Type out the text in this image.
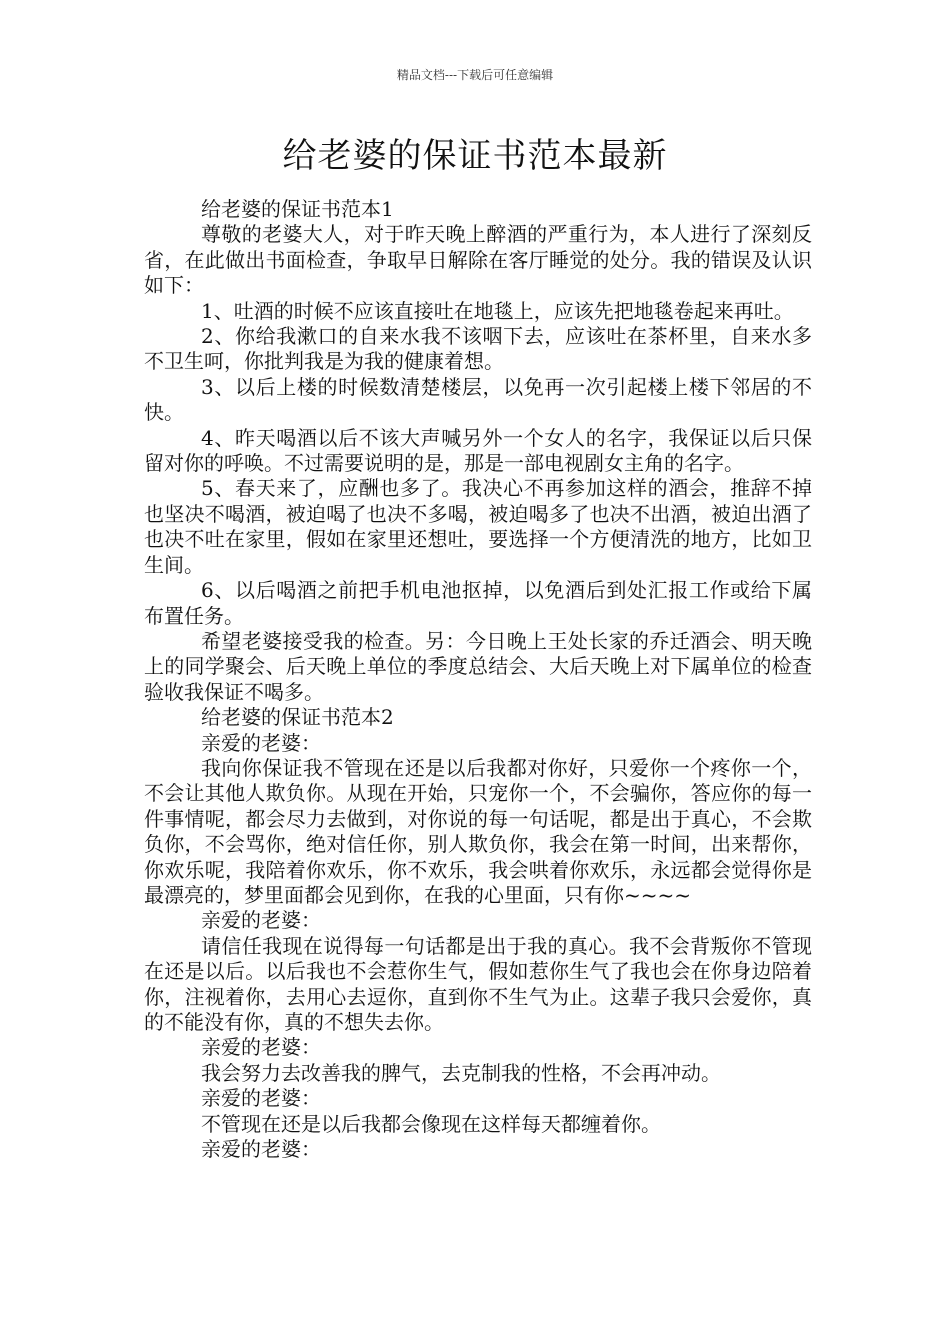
精品文档---下载后可任意编辑
给老婆的保证书范本最新

给老婆的保证书范本1

尊敬的老婆大人，对于昨天晚上醉酒的严重行为，本人进行了深刻反省，在此做出书面检查，争取早日解除在客厅睡觉的处分。我的错误及认识如下：

1、吐酒的时候不应该直接吐在地毯上，应该先把地毯卷起来再吐。

2、你给我漱口的自来水我不该咽下去，应该吐在茶杯里，自来水多不卫生呵，你批判我是为我的健康着想。

3、以后上楼的时候数清楚楼层，以免再一次引起楼上楼下邻居的不快。

4、昨天喝酒以后不该大声喊另外一个女人的名字，我保证以后只保留对你的呼唤。不过需要说明的是，那是一部电视剧女主角的名字。

5、春天来了，应酬也多了。我决心不再参加这样的酒会，推辞不掉也坚决不喝酒，被迫喝了也决不多喝，被迫喝多了也决不出酒，被迫出酒了也决不吐在家里，假如在家里还想吐，要选择一个方便清洗的地方，比如卫生间。

6、以后喝酒之前把手机电池抠掉，以免酒后到处汇报工作或给下属布置任务。

希望老婆接受我的检查。另：今日晚上王处长家的乔迁酒会、明天晚上的同学聚会、后天晚上单位的季度总结会、大后天晚上对下属单位的检查验收我保证不喝多。

给老婆的保证书范本2

亲爱的老婆：

我向你保证我不管现在还是以后我都对你好，只爱你一个疼你一个，不会让其他人欺负你。从现在开始，只宠你一个，不会骗你，答应你的每一件事情呢，都会尽力去做到，对你说的每一句话呢，都是出于真心，不会欺负你，不会骂你，绝对信任你，别人欺负你，我会在第一时间，出来帮你，你欢乐呢，我陪着你欢乐，你不欢乐，我会哄着你欢乐，永远都会觉得你是最漂亮的，梦里面都会见到你，在我的心里面，只有你~~~~

亲爱的老婆：

请信任我现在说得每一句话都是出于我的真心。我不会背叛你不管现在还是以后。以后我也不会惹你生气，假如惹你生气了我也会在你身边陪着你，注视着你，去用心去逗你，直到你不生气为止。这辈子我只会爱你，真的不能没有你，真的不想失去你。

亲爱的老婆：

我会努力去改善我的脾气，去克制我的性格，不会再冲动。

亲爱的老婆：

不管现在还是以后我都会像现在这样每天都缠着你。

亲爱的老婆：
